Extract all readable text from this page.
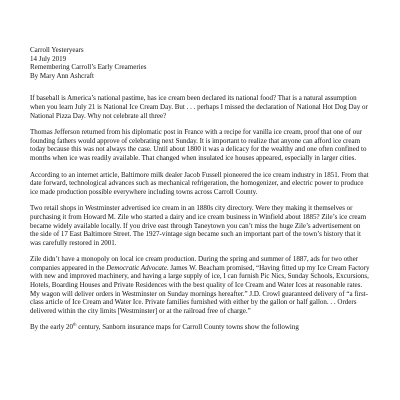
Carroll Yesteryears
14 July 2019
Remembering Carroll’s Early Creameries
By Mary Ann Ashcraft

If baseball is America’s national pastime, has ice cream been declared its national food? That is a natural assumption when you learn July 21 is National Ice Cream Day. But . . . perhaps I missed the declaration of National Hot Dog Day or National Pizza Day. Why not celebrate all three?

Thomas Jefferson returned from his diplomatic post in France with a recipe for vanilla ice cream, proof that one of our founding fathers would approve of celebrating next Sunday. It is important to realize that anyone can afford ice cream today because this was not always the case. Until about 1800 it was a delicacy for the wealthy and one often confined to months when ice was readily available. That changed when insulated ice houses appeared, especially in larger cities.

According to an internet article, Baltimore milk dealer Jacob Fussell pioneered the ice cream industry in 1851. From that date forward, technological advances such as mechanical refrigeration, the homogenizer, and electric power to produce ice made production possible everywhere including towns across Carroll County.

Two retail shops in Westminster advertised ice cream in an 1880s city directory. Were they making it themselves or purchasing it from Howard M. Zile who started a dairy and ice cream business in Winfield about 1885? Zile’s ice cream became widely available locally. If you drive east through Taneytown you can’t miss the huge Zile’s advertisement on the side of 17 East Baltimore Street. The 1927-vintage sign became such an important part of the town’s history that it was carefully restored in 2001.

Zile didn’t have a monopoly on local ice cream production. During the spring and summer of 1887, ads for two other companies appeared in the Democratic Advocate. James W. Beacham promised, “Having fitted up my Ice Cream Factory with new and improved machinery, and having a large supply of ice, I can furnish Pic Nics, Sunday Schools, Excursions, Hotels, Boarding Houses and Private Residences with the best quality of Ice Cream and Water Ices at reasonable rates. My wagon will deliver orders in Westminster on Sunday mornings hereafter.” J.D. Crowl guaranteed delivery of “a first-class article of Ice Cream and Water Ice. Private families furnished with either by the gallon or half gallon. . . Orders delivered within the city limits [Westminster] or at the railroad free of charge.”

By the early 20th century, Sanborn insurance maps for Carroll County towns show the following
